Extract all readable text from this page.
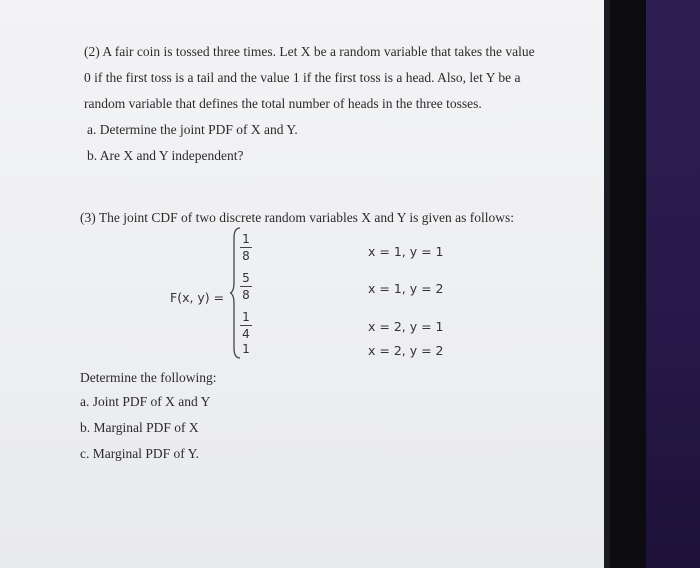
(2) A fair coin is tossed three times. Let X be a random variable that takes the value
0 if the first toss is a tail and the value 1 if the first toss is a head. Also, let Y be a
random variable that defines the total number of heads in the three tosses.
a. Determine the joint PDF of X and Y.
b. Are X and Y independent?
(3) The joint CDF of two discrete random variables X and Y is given as follows:
F(x, y) =
1
8
5
8
1
4
1
x = 1, y = 1
x = 1, y = 2
x = 2, y = 1
x = 2, y = 2
Determine the following:
a. Joint PDF of X and Y
b. Marginal PDF of X
c. Marginal PDF of Y.
